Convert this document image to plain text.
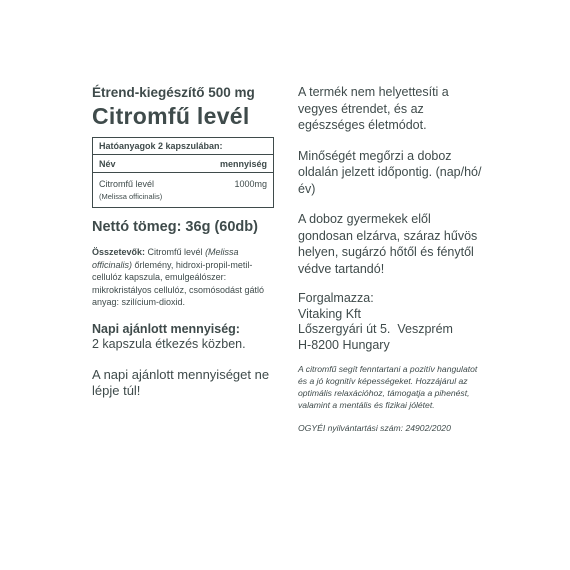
Étrend-kiegészítő 500 mg

Citromfű levél

Hatóanyagok 2 kapszulában:
Név	mennyiség
Citromfű levél	1000mg
(Melissa officinalis)

Nettó tömeg: 36g (60db)

Összetevők: Citromfű levél (Melissa officinalis) őrlemény, hidroxi-propil-metil-cellulóz kapszula, emulgeálószer: mikrokristályos cellulóz, csomósodást gátló anyag: szilícium-dioxid.

Napi ajánlott mennyiség:

2 kapszula étkezés közben.

A napi ajánlott mennyiséget ne lépje túl!

A termék nem helyettesíti a vegyes étrendet, és az egészséges életmódot.

Minőségét megőrzi a doboz oldalán jelzett időpontig. (nap/hó/év)

A doboz gyermekek elől gondosan elzárva, száraz hűvös helyen, sugárzó hőtől és fénytől védve tartandó!

Forgalmazza:
Vitaking Kft
Lőszergyári út 5.  Veszprém
H-8200 Hungary

A citromfű segít fenntartani a pozitív hangulatot és a jó kognitív képességeket. Hozzájárul az optimális relaxációhoz, támogatja a pihenést, valamint a mentális és fizikai jólétet.

OGYÉI nyilvántartási szám: 24902/2020
